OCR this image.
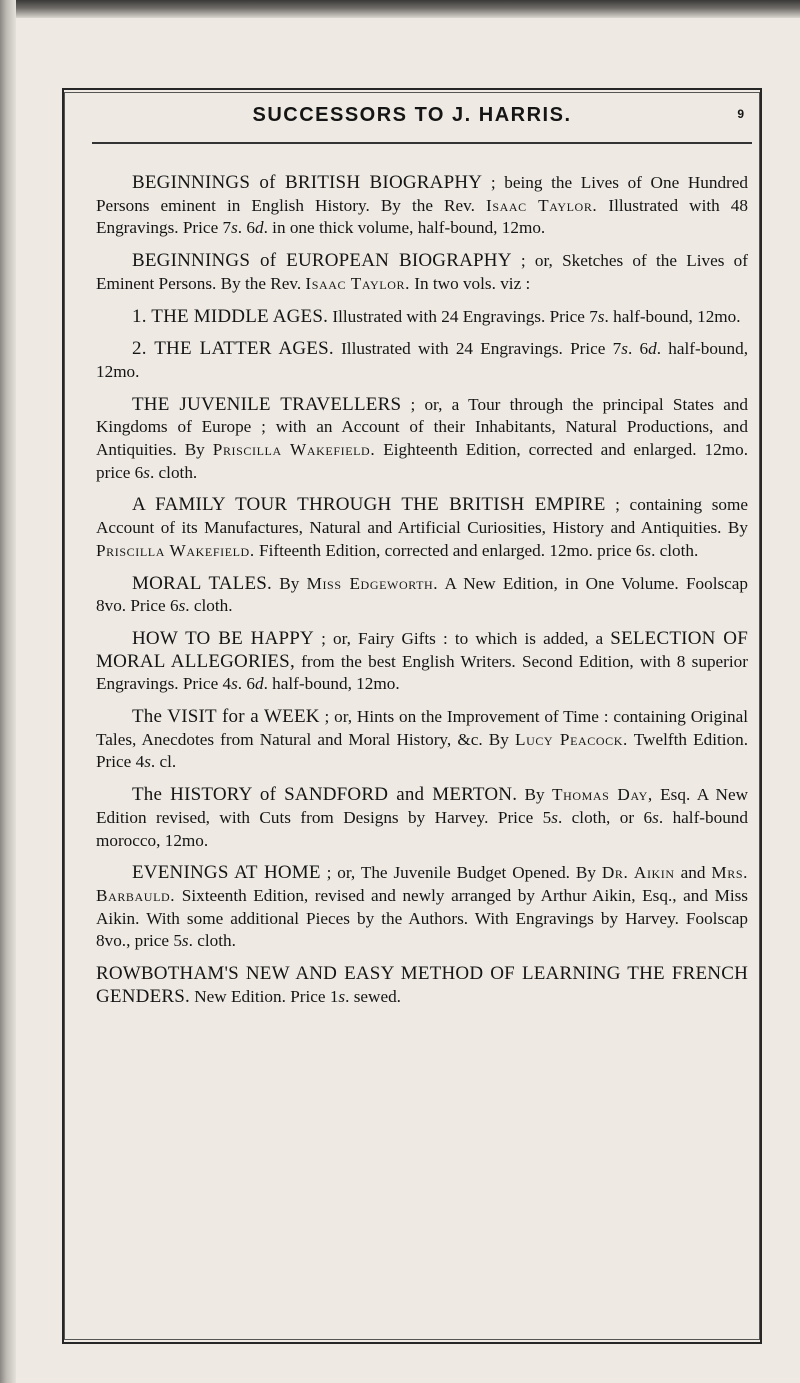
SUCCESSORS TO J. HARRIS.	9

BEGINNINGS of BRITISH BIOGRAPHY ; being the Lives of One Hundred Persons eminent in English History. By the Rev. Isaac Taylor. Illustrated with 48 Engravings. Price 7s. 6d. in one thick volume, half-bound, 12mo.

BEGINNINGS of EUROPEAN BIOGRAPHY ; or, Sketches of the Lives of Eminent Persons. By the Rev. Isaac Taylor. In two vols. viz :

1. THE MIDDLE AGES. Illustrated with 24 Engravings. Price 7s. half-bound, 12mo.

2. THE LATTER AGES. Illustrated with 24 Engravings. Price 7s. 6d. half-bound, 12mo.

THE JUVENILE TRAVELLERS ; or, a Tour through the principal States and Kingdoms of Europe ; with an Account of their Inhabitants, Natural Productions, and Antiquities. By Priscilla Wakefield. Eighteenth Edition, corrected and enlarged. 12mo. price 6s. cloth.

A FAMILY TOUR THROUGH THE BRITISH EMPIRE ; containing some Account of its Manufactures, Natural and Artificial Curiosities, History and Antiquities. By Priscilla Wakefield. Fifteenth Edition, corrected and enlarged. 12mo. price 6s. cloth.

MORAL TALES. By Miss Edgeworth. A New Edition, in One Volume. Foolscap 8vo. Price 6s. cloth.

HOW TO BE HAPPY ; or, Fairy Gifts : to which is added, a SELECTION OF MORAL ALLEGORIES, from the best English Writers. Second Edition, with 8 superior Engravings. Price 4s. 6d. half-bound, 12mo.

The VISIT for a WEEK ; or, Hints on the Improvement of Time : containing Original Tales, Anecdotes from Natural and Moral History, &c. By Lucy Peacock. Twelfth Edition. Price 4s. cl.

The HISTORY of SANDFORD and MERTON. By Thomas Day, Esq. A New Edition revised, with Cuts from Designs by Harvey. Price 5s. cloth, or 6s. half-bound morocco, 12mo.

EVENINGS AT HOME ; or, The Juvenile Budget Opened. By Dr. Aikin and Mrs. Barbauld. Sixteenth Edition, revised and newly arranged by Arthur Aikin, Esq., and Miss Aikin. With some additional Pieces by the Authors. With Engravings by Harvey. Foolscap 8vo., price 5s. cloth.

ROWBOTHAM'S NEW AND EASY METHOD OF LEARNING THE FRENCH GENDERS. New Edition. Price 1s. sewed.
